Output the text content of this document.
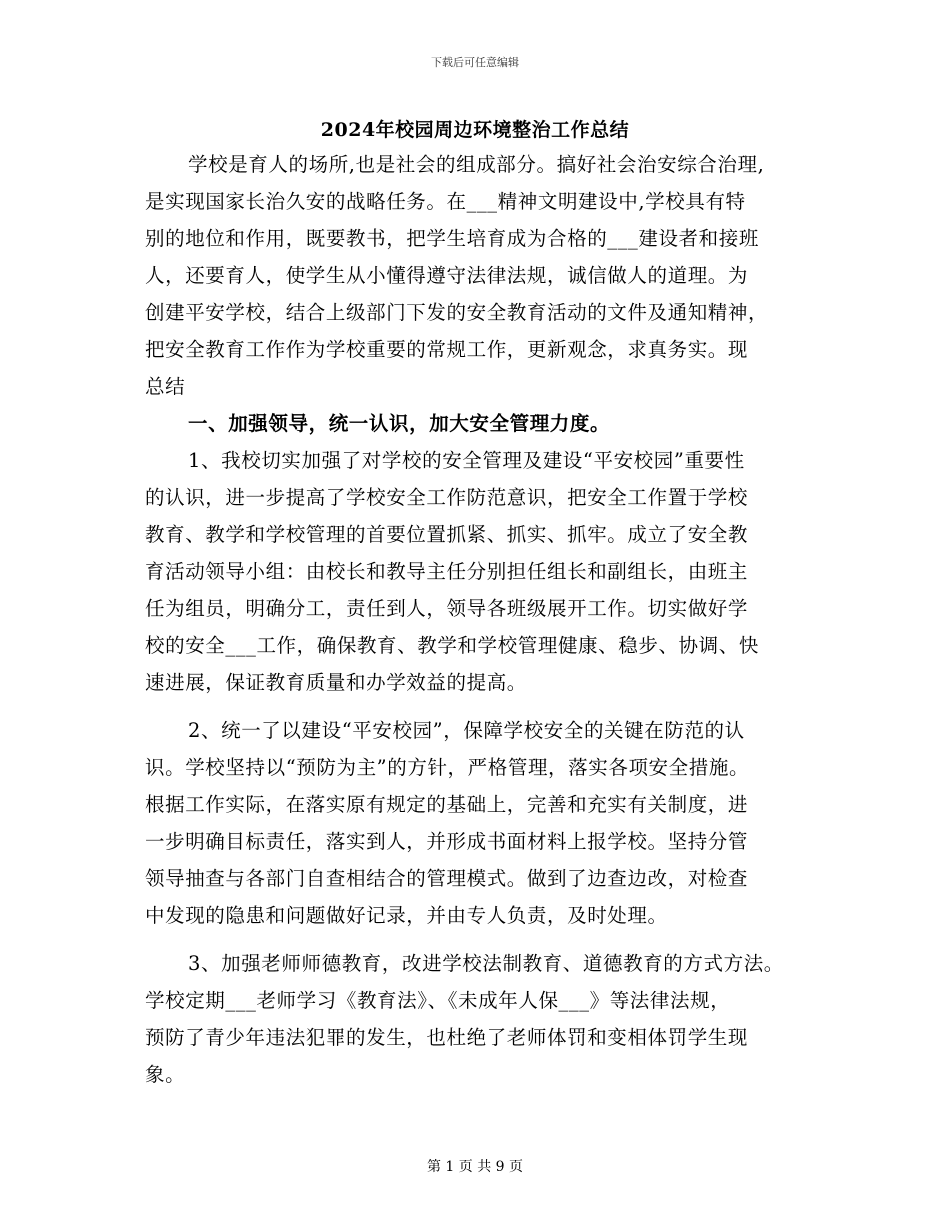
下载后可任意编辑
2024年校园周边环境整治工作总结
学校是育人的场所,也是社会的组成部分。搞好社会治安综合治理,
是实现国家长治久安的战略任务。在___精神文明建设中,学校具有特
别的地位和作用，既要教书，把学生培育成为合格的___建设者和接班
人，还要育人，使学生从小懂得遵守法律法规，诚信做人的道理。为
创建平安学校，结合上级部门下发的安全教育活动的文件及通知精神，
把安全教育工作作为学校重要的常规工作，更新观念，求真务实。现
总结
一、加强领导，统一认识，加大安全管理力度。
1、我校切实加强了对学校的安全管理及建设“平安校园”重要性
的认识，进一步提高了学校安全工作防范意识，把安全工作置于学校
教育、教学和学校管理的首要位置抓紧、抓实、抓牢。成立了安全教
育活动领导小组：由校长和教导主任分别担任组长和副组长，由班主
任为组员，明确分工，责任到人，领导各班级展开工作。切实做好学
校的安全___工作，确保教育、教学和学校管理健康、稳步、协调、快
速进展，保证教育质量和办学效益的提高。
2、统一了以建设“平安校园”，保障学校安全的关键在防范的认
识。学校坚持以“预防为主”的方针，严格管理，落实各项安全措施。
根据工作实际，在落实原有规定的基础上，完善和充实有关制度，进
一步明确目标责任，落实到人，并形成书面材料上报学校。坚持分管
领导抽查与各部门自查相结合的管理模式。做到了边查边改，对检查
中发现的隐患和问题做好记录，并由专人负责，及时处理。
3、加强老师师德教育，改进学校法制教育、道德教育的方式方法。
学校定期___老师学习《教育法》、《未成年人保___》等法律法规，
预防了青少年违法犯罪的发生，也杜绝了老师体罚和变相体罚学生现
象。
第 1 页 共 9 页
